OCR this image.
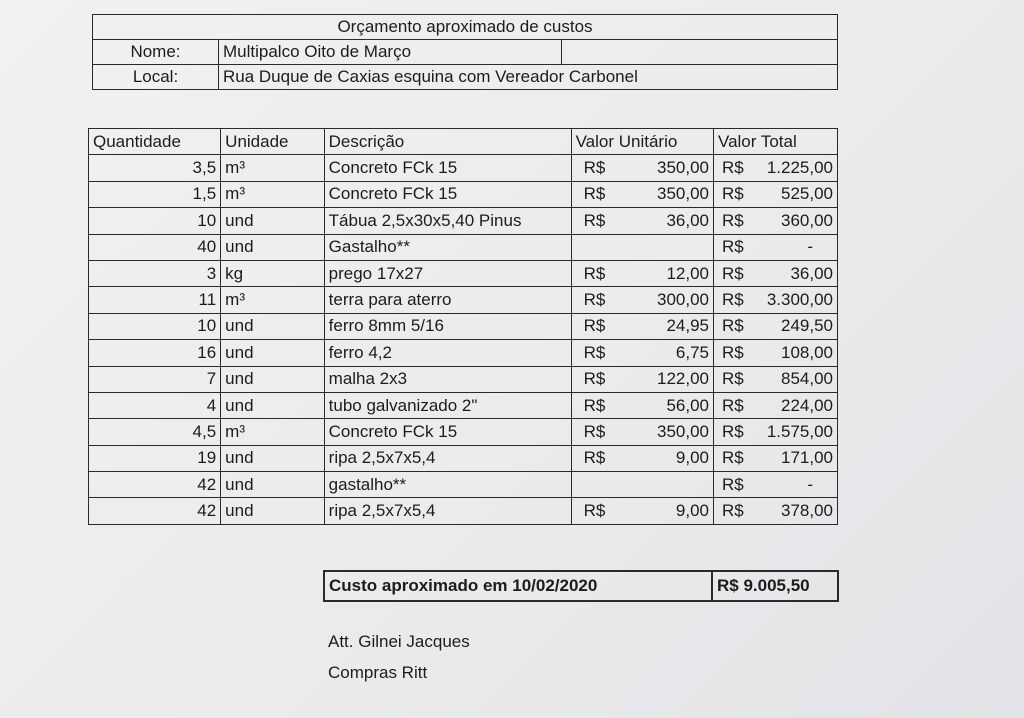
Orçamento aproximado de custos		
Nome:	Multipalco Oito de Março	
Local:	Rua Duque de Caxias esquina com Vereador Carbonel	
Quantidade	Unidade	Descrição	Valor Unitário	Valor Total
3,5	m³	Concreto FCk 15	R$ 350,00	R$ 1.225,00

1,5	m³	Concreto FCk 15	R$ 350,00	R$ 525,00

10	und	Tábua 2,5x30x5,40 Pinus	R$ 36,00	R$ 360,00

40	und	Gastalho**		R$ -

3	kg	prego 17x27	R$ 12,00	R$ 36,00

11	m³	terra para aterro	R$ 300,00	R$ 3.300,00

10	und	ferro 8mm 5/16	R$ 24,95	R$ 249,50

16	und	ferro 4,2	R$ 6,75	R$ 108,00

7	und	malha 2x3	R$ 122,00	R$ 854,00

4	und	tubo galvanizado 2"	R$ 56,00	R$ 224,00

4,5	m³	Concreto FCk 15	R$ 350,00	R$ 1.575,00

19	und	ripa 2,5x7x5,4	R$ 9,00	R$ 171,00

42	und	gastalho**		R$ -

42	und	ripa 2,5x7x5,4	R$ 9,00	R$ 378,00
Custo aproximado em 10/02/2020	R$ 9.005,50
Att. Gilnei Jacques
Compras Ritt
